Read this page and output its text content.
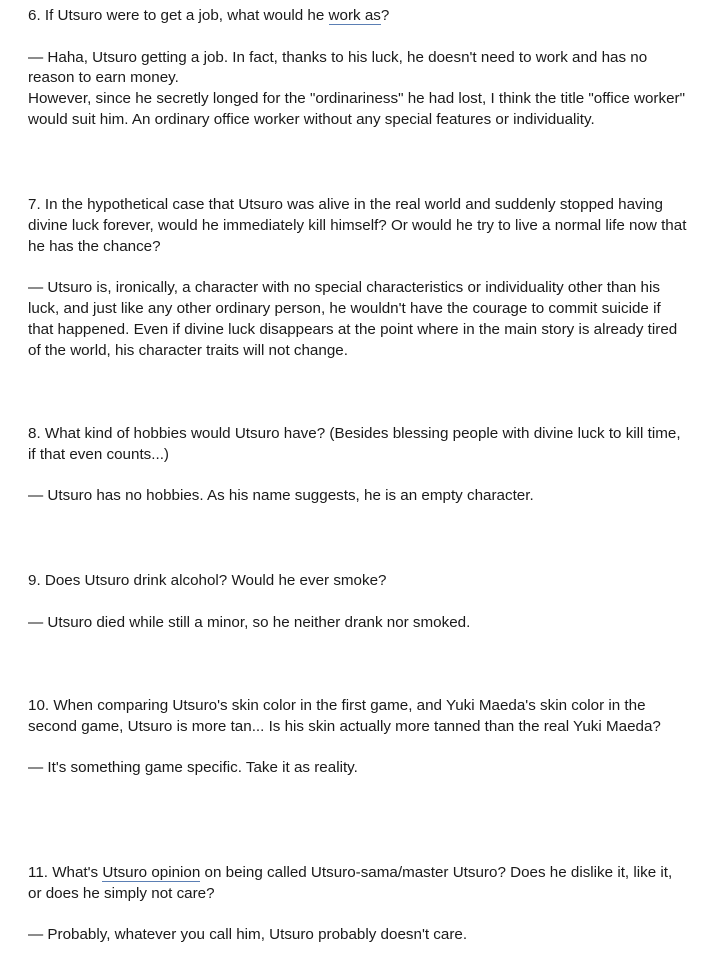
6. If Utsuro were to get a job, what would he work as?

— Haha, Utsuro getting a job. In fact, thanks to his luck, he doesn't need to work and has no reason to earn money.
However, since he secretly longed for the "ordinariness" he had lost, I think the title "office worker" would suit him. An ordinary office worker without any special features or individuality.

7. In the hypothetical case that Utsuro was alive in the real world and suddenly stopped having divine luck forever, would he immediately kill himself? Or would he try to live a normal life now that he has the chance?

— Utsuro is, ironically, a character with no special characteristics or individuality other than his luck, and just like any other ordinary person, he wouldn't have the courage to commit suicide if that happened. Even if divine luck disappears at the point where in the main story is already tired of the world, his character traits will not change.

8. What kind of hobbies would Utsuro have? (Besides blessing people with divine luck to kill time, if that even counts...)

— Utsuro has no hobbies. As his name suggests, he is an empty character.

9. Does Utsuro drink alcohol? Would he ever smoke?

— Utsuro died while still a minor, so he neither drank nor smoked.

10. When comparing Utsuro's skin color in the first game, and Yuki Maeda's skin color in the second game, Utsuro is more tan... Is his skin actually more tanned than the real Yuki Maeda?

— It's something game specific. Take it as reality.

11. What's Utsuro opinion on being called Utsuro-sama/master Utsuro? Does he dislike it, like it, or does he simply not care?

— Probably, whatever you call him, Utsuro probably doesn't care.
